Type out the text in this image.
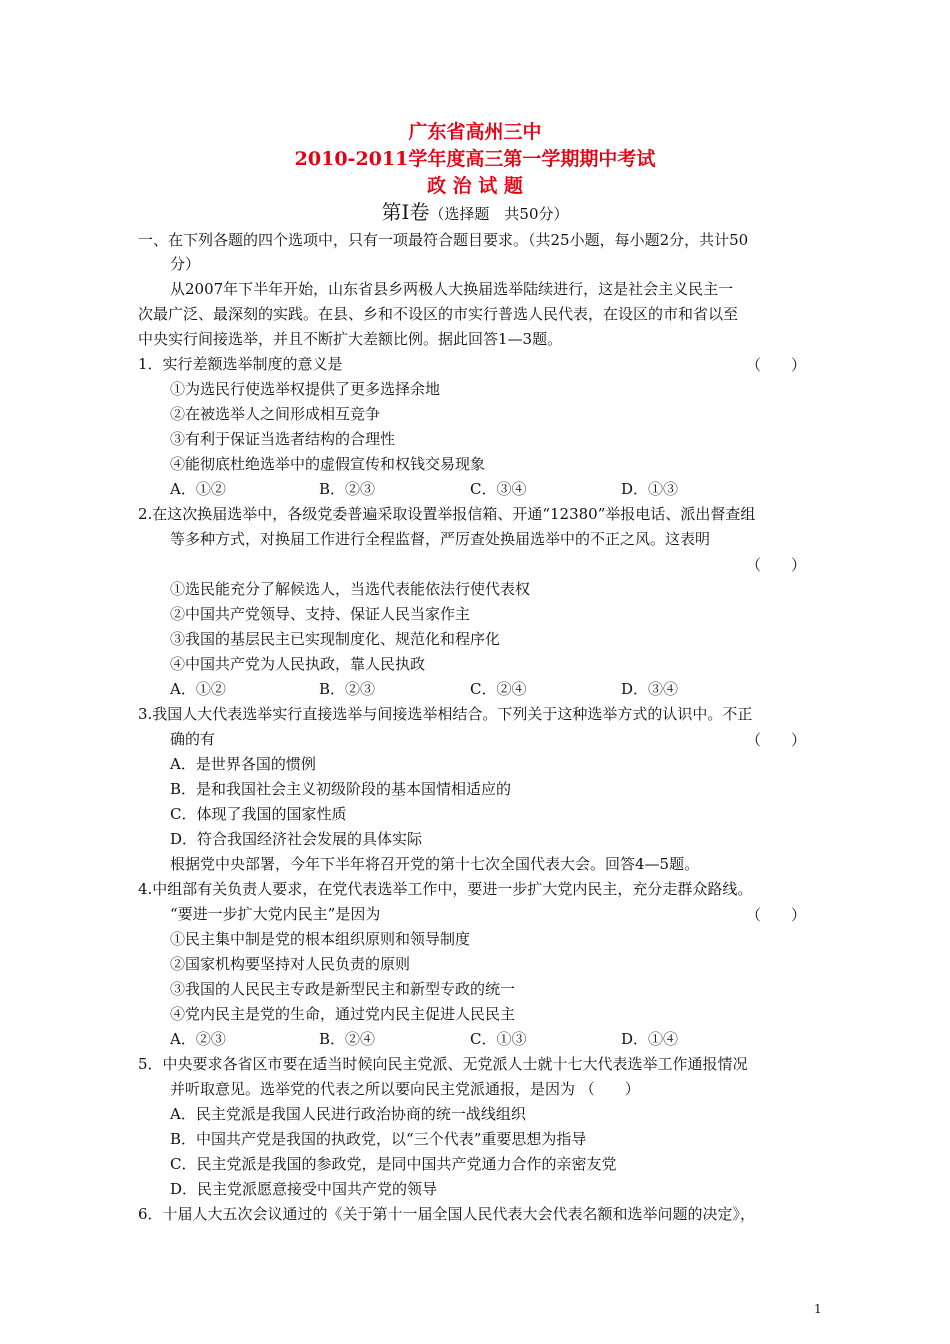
广东省高州三中
2010-2011学年度高三第一学期期中考试
政 治 试 题
第Ⅰ卷（选择题　共50分）
一、在下列各题的四个选项中，只有一项最符合题目要求。（共25小题，每小题2分，共计50
分）
从2007年下半年开始，山东省县乡两极人大换届选举陆续进行，这是社会主义民主一
次最广泛、最深刻的实践。在县、乡和不设区的市实行普选人民代表，在设区的市和省以至
中央实行间接选举，并且不断扩大差额比例。据此回答1—3题。
1．实行差额选举制度的意义是	（　　）
①为选民行使选举权提供了更多选择余地
②在被选举人之间形成相互竞争
③有利于保证当选者结构的合理性
④能彻底杜绝选举中的虚假宣传和权钱交易现象
A．①②	B．②③	C．③④	D．①③
2.在这次换届选举中，各级党委普遍采取设置举报信箱、开通“12380”举报电话、派出督查组
等多种方式，对换届工作进行全程监督，严厉查处换届选举中的不正之风。这表明
（　　）
①选民能充分了解候选人，当选代表能依法行使代表权
②中国共产党领导、支持、保证人民当家作主
③我国的基层民主已实现制度化、规范化和程序化
④中国共产党为人民执政，靠人民执政
A．①②	B．②③	C．②④	D．③④
3.我国人大代表选举实行直接选举与间接选举相结合。下列关于这种选举方式的认识中。不正
确的有	（　　）
A．是世界各国的惯例
B．是和我国社会主义初级阶段的基本国情相适应的
C．体现了我国的国家性质
D．符合我国经济社会发展的具体实际
根据党中央部署，今年下半年将召开党的第十七次全国代表大会。回答4—5题。
4.中组部有关负责人要求，在党代表选举工作中，要进一步扩大党内民主，充分走群众路线。
“要进一步扩大党内民主”是因为	（　　）
①民主集中制是党的根本组织原则和领导制度
②国家机构要坚持对人民负责的原则
③我国的人民民主专政是新型民主和新型专政的统一
④党内民主是党的生命，通过党内民主促进人民民主
A．②③	B．②④	C．①③	D．①④
5．中央要求各省区市要在适当时候向民主党派、无党派人士就十七大代表选举工作通报情况
并听取意见。选举党的代表之所以要向民主党派通报，是因为 （　　）
A．民主党派是我国人民进行政治协商的统一战线组织
B．中国共产党是我国的执政党，以“三个代表”重要思想为指导
C．民主党派是我国的参政党，是同中国共产党通力合作的亲密友党
D．民主党派愿意接受中国共产党的领导
6．十届人大五次会议通过的《关于第十一届全国人民代表大会代表名额和选举问题的决定》，
1
